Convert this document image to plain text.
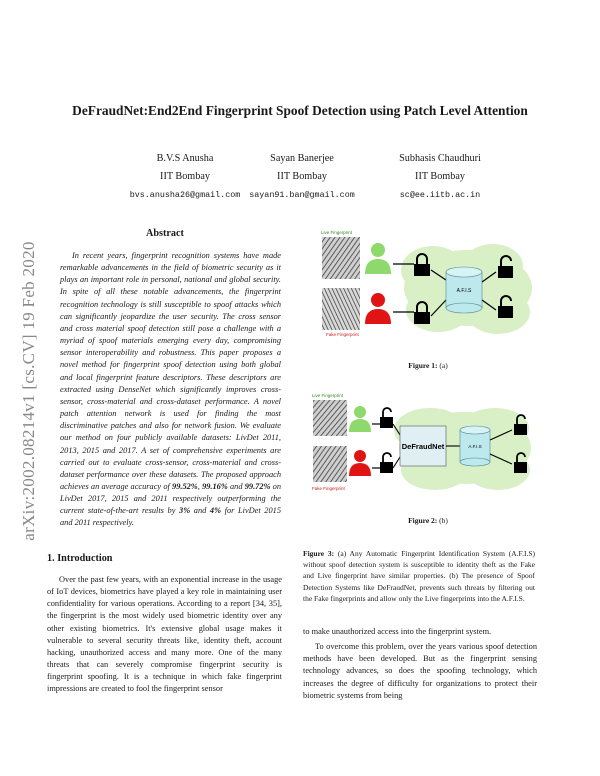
DeFraudNet:End2End Fingerprint Spoof Detection using Patch Level Attention
B.V.S Anusha
IIT Bombay
bvs.anusha26@gmail.com
Sayan Banerjee
IIT Bombay
sayan91.ban@gmail.com
Subhasis Chaudhuri
IIT Bombay
sc@ee.iitb.ac.in
arXiv:2002.08214v1 [cs.CV] 19 Feb 2020
Abstract

In recent years, fingerprint recognition systems have made remarkable advancements in the field of biometric security as it plays an important role in personal, national and global security. In spite of all these notable advancements, the fingerprint recognition technology is still susceptible to spoof attacks which can significantly jeopardize the user security. The cross sensor and cross material spoof detection still pose a challenge with a myriad of spoof materials emerging every day, compromising sensor interoperability and robustness. This paper proposes a novel method for fingerprint spoof detection using both global and local fingerprint feature descriptors. These descriptors are extracted using DenseNet which significantly improves cross-sensor, cross-material and cross-dataset performance. A novel patch attention network is used for finding the most discriminative patches and also for network fusion. We evaluate our method on four publicly available datasets: LivDet 2011, 2013, 2015 and 2017. A set of comprehensive experiments are carried out to evaluate cross-sensor, cross-material and cross-dataset performance over these datasets. The proposed approach achieves an average accuracy of 99.52%, 99.16% and 99.72% on LivDet 2017, 2015 and 2011 respectively outperforming the current state-of-the-art results by 3% and 4% for LivDet 2015 and 2011 respectively.

1. Introduction

Over the past few years, with an exponential increase in the usage of IoT devices, biometrics have played a key role in maintaining user confidentiality for various operations. According to a report [34, 35], the fingerprint is the most widely used biometric identity over any other existing biometrics. It's extensive global usage makes it vulnerable to several security threats like, identity theft, account hacking, unauthorized access and many more. One of the many threats that can severely compromise fingerprint security is fingerprint spoofing. It is a technique in which fake fingerprint impressions are created to fool the fingerprint sensor

Live Fingerprint
Fake Fingerprint
A.F.I.S
Figure 1: (a)
Live Fingerprint
Fake Fingerprint
DeFraudNet	A.F.I.S
Figure 2: (b)
Figure 3: (a) Any Automatic Fingerprint Identification System (A.F.I.S) without spoof detection system is susceptible to identity theft as the Fake and Live fingerprint have similar properties. (b) The presence of Spoof Detection Systems like DeFraudNet, prevents such threats by filtering out the Fake fingerprints and allow only the Live fingerprints into the A.F.I.S.

to make unauthorized access into the fingerprint system.

To overcome this problem, over the years various spoof detection methods have been developed. But as the fingerprint sensing technology advances, so does the spoofing technology, which increases the degree of difficulty for organizations to protect their biometric systems from being
